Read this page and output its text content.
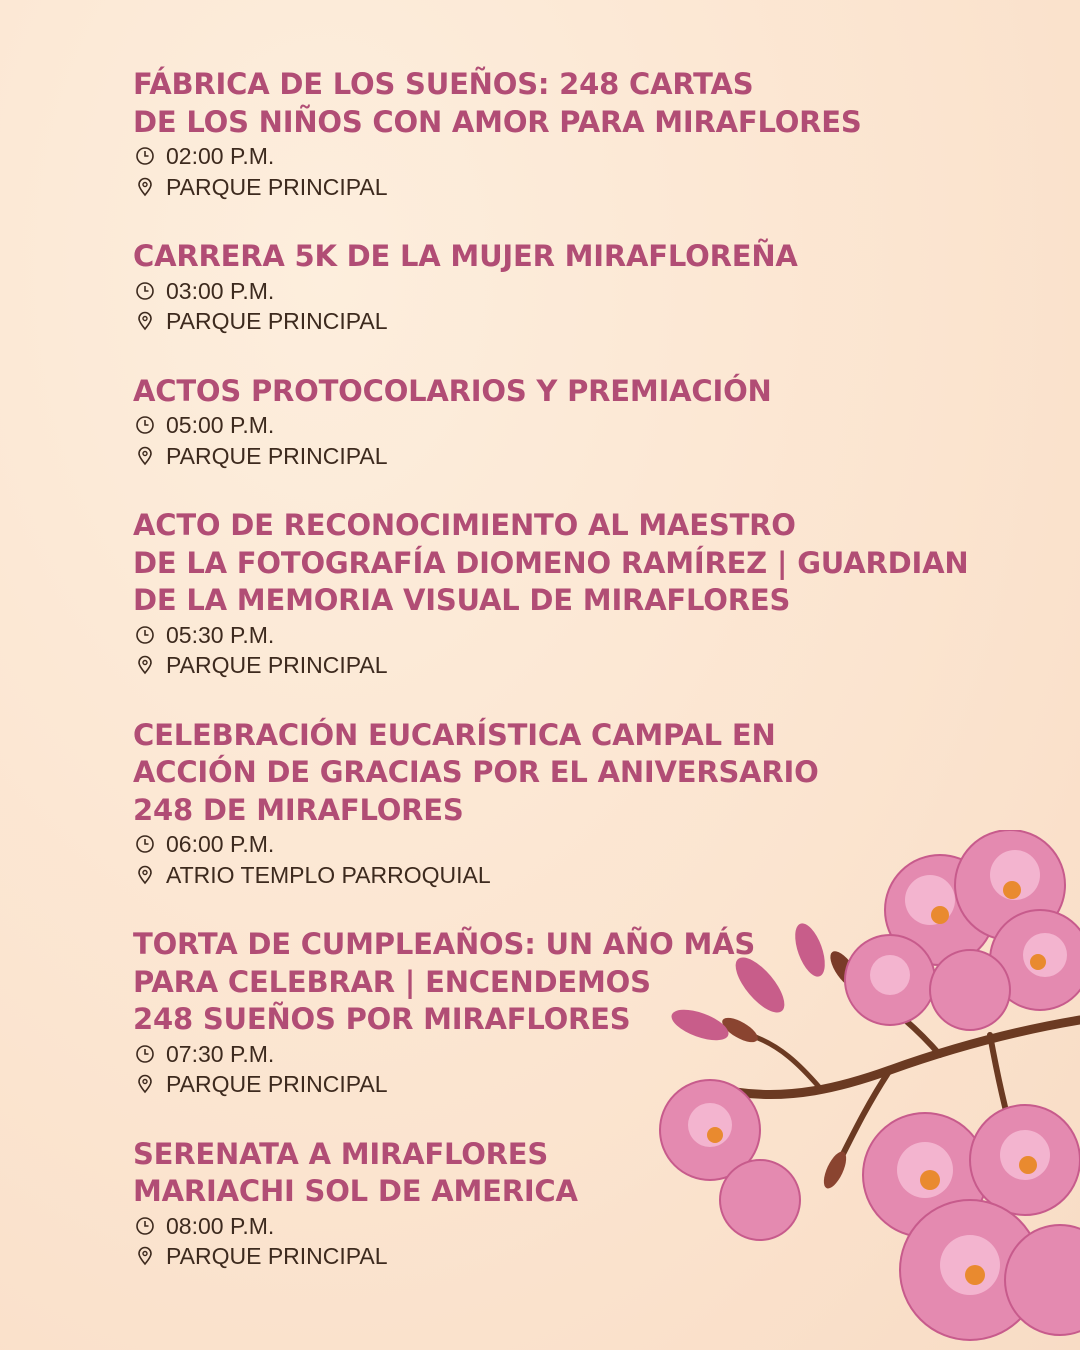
FÁBRICA DE LOS SUEÑOS: 248 CARTAS
DE LOS NIÑOS CON AMOR PARA MIRAFLORES
02:00 P.M.
PARQUE PRINCIPAL
CARRERA 5K DE LA MUJER MIRAFLOREÑA
03:00 P.M.
PARQUE PRINCIPAL
ACTOS PROTOCOLARIOS Y PREMIACIÓN
05:00 P.M.
PARQUE PRINCIPAL
ACTO DE RECONOCIMIENTO AL MAESTRO
DE LA FOTOGRAFÍA DIOMENO RAMÍREZ | GUARDIAN
DE LA MEMORIA VISUAL DE MIRAFLORES
05:30 P.M.
PARQUE PRINCIPAL
CELEBRACIÓN EUCARÍSTICA CAMPAL EN
ACCIÓN DE GRACIAS POR EL ANIVERSARIO
248 DE MIRAFLORES
06:00 P.M.
ATRIO TEMPLO PARROQUIAL
TORTA DE CUMPLEAÑOS: UN AÑO MÁS
PARA CELEBRAR | ENCENDEMOS
248 SUEÑOS POR MIRAFLORES
07:30 P.M.
PARQUE PRINCIPAL
SERENATA A MIRAFLORES
MARIACHI SOL DE AMERICA
08:00 P.M.
PARQUE PRINCIPAL
